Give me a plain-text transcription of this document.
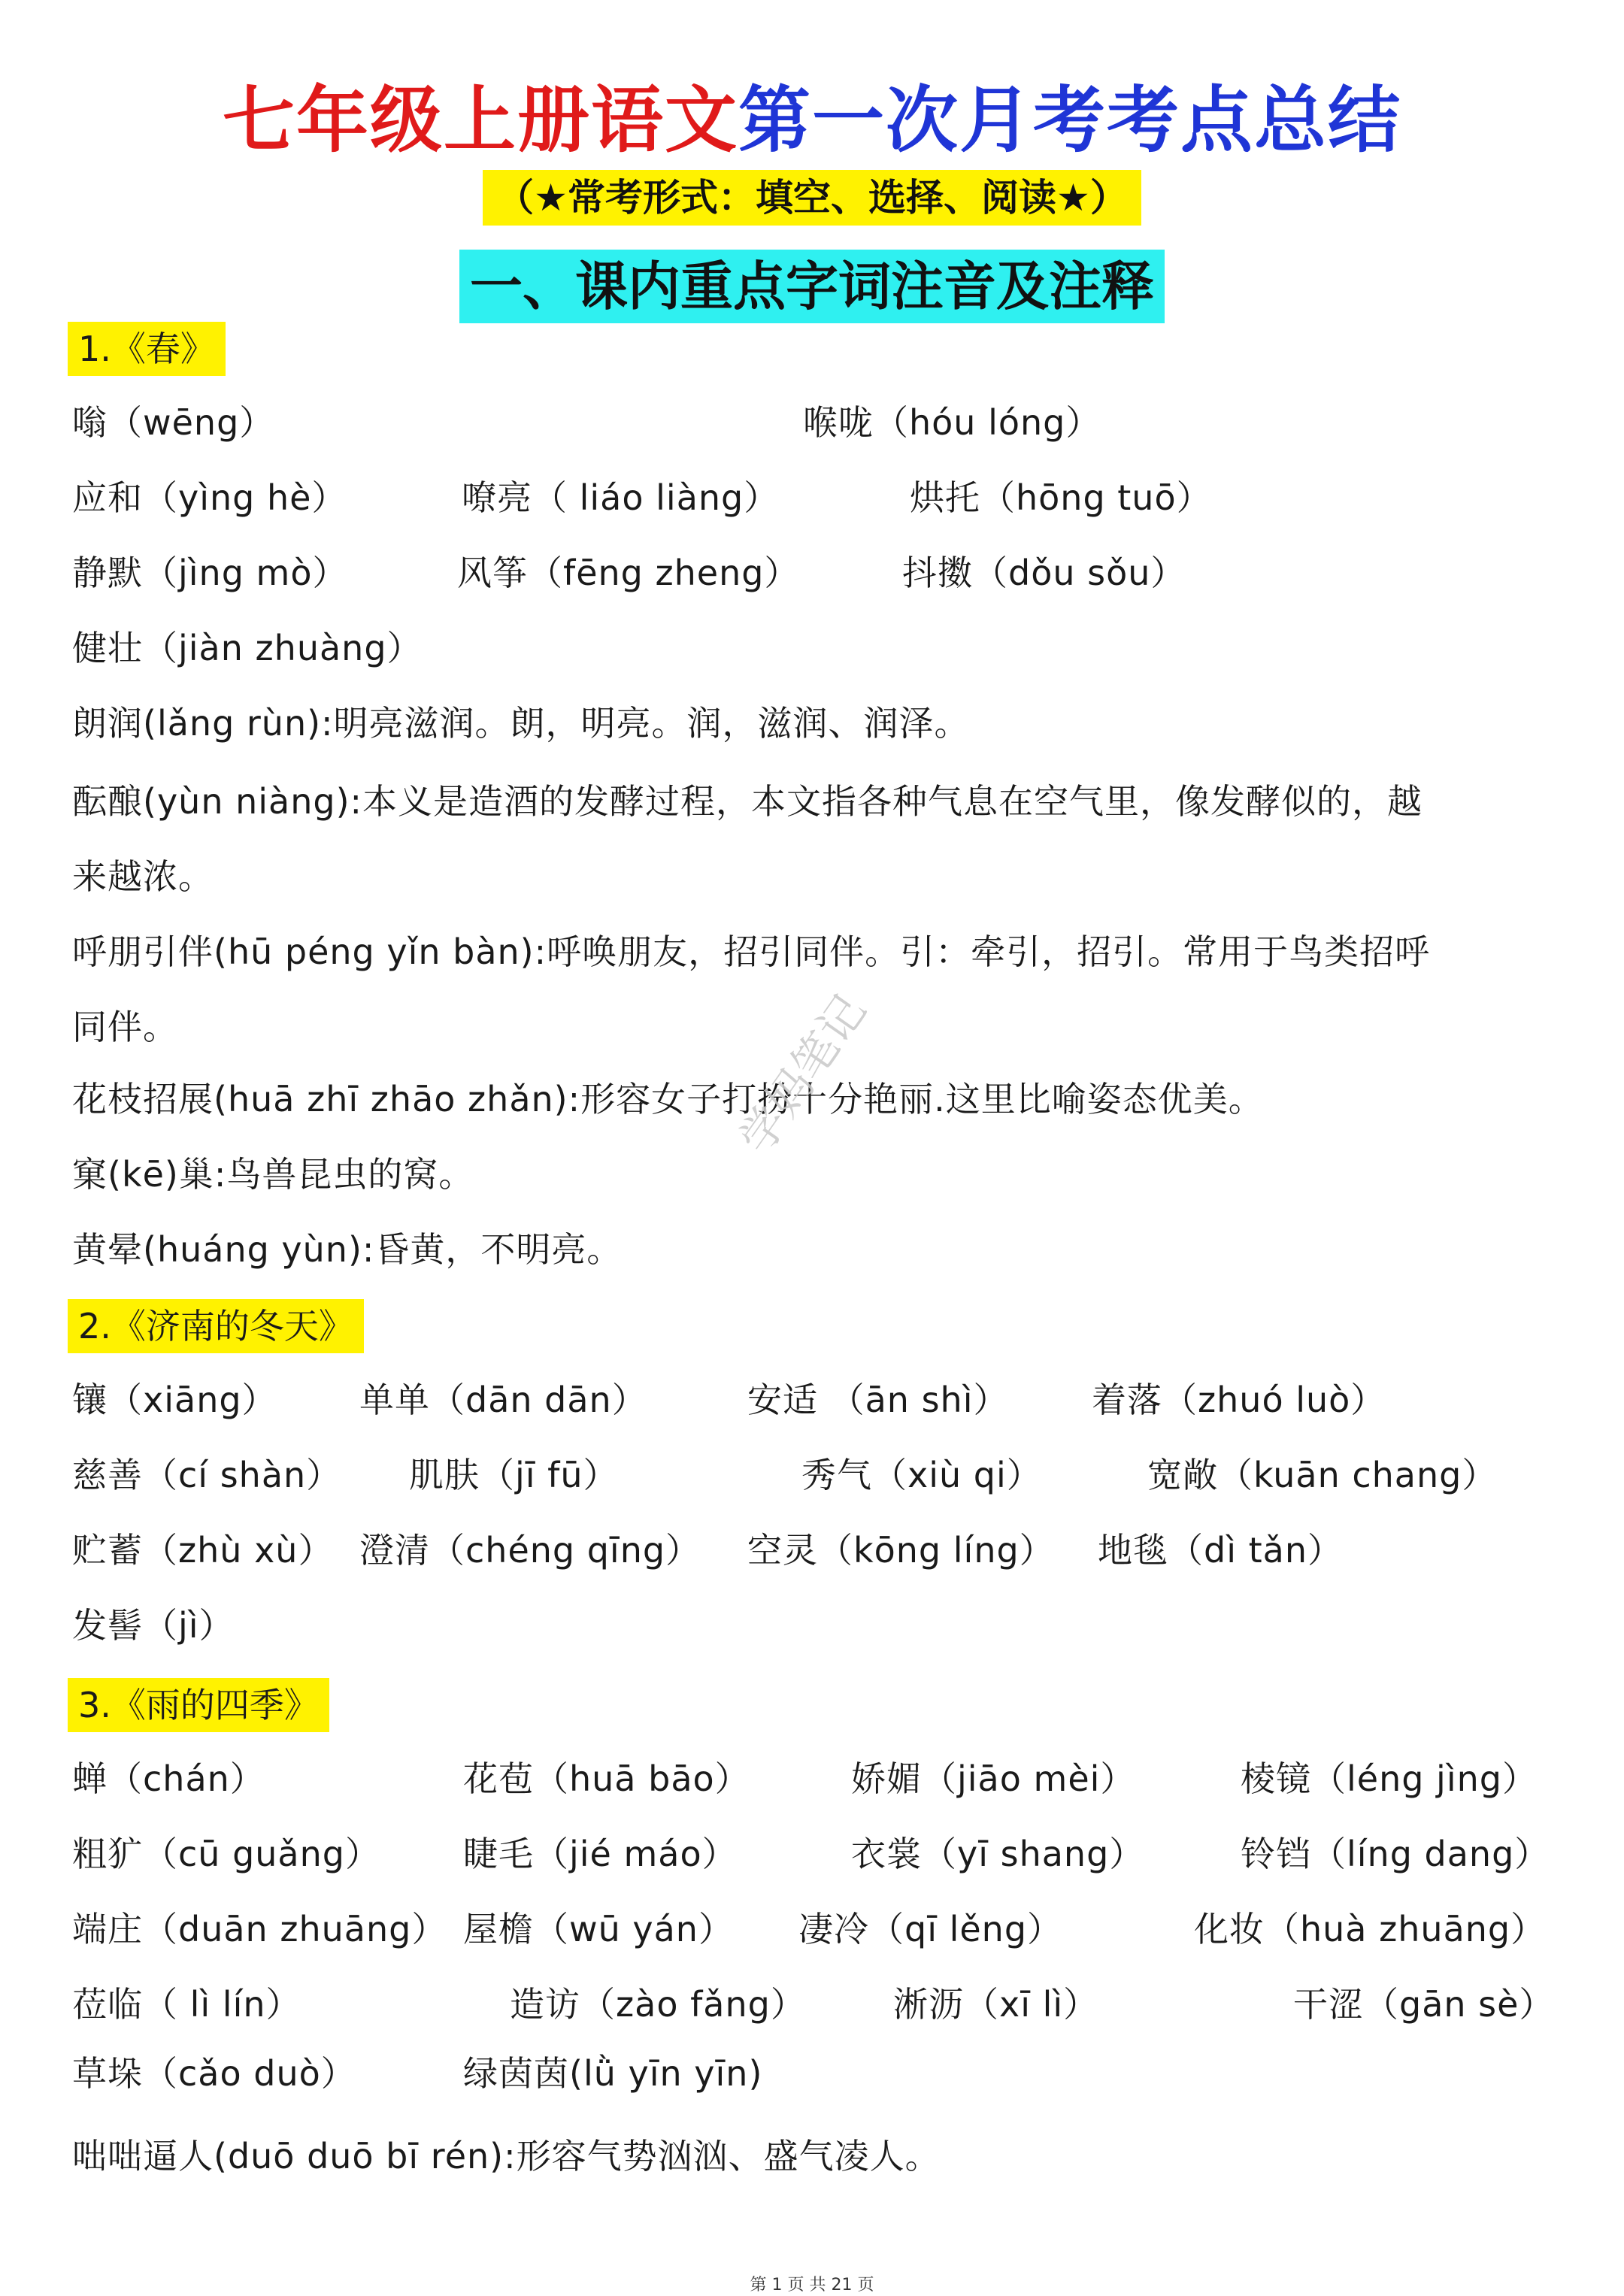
七年级上册语文第一次月考考点总结
（★常考形式：填空、选择、阅读★）
一、课内重点字词注音及注释
1.《春》
嗡（wēng）	喉咙（hóu lóng）
应和（yìng hè）	嘹亮（ liáo liàng）	烘托（hōng tuō）
静默（jìng mò）	风筝（fēng zheng）	抖擞（dǒu sǒu）
健壮（jiàn zhuàng）
朗润(lǎng rùn):明亮滋润。朗，明亮。润，滋润、润泽。
酝酿(yùn niàng):本义是造酒的发酵过程，本文指各种气息在空气里，像发酵似的，越
来越浓。
呼朋引伴(hū péng yǐn bàn):呼唤朋友，招引同伴。引：牵引，招引。常用于鸟类招呼
同伴。
花枝招展(huā zhī zhāo zhǎn):形容女子打扮十分艳丽.这里比喻姿态优美。
窠(kē)巢:鸟兽昆虫的窝。
黄晕(huáng yùn):昏黄，不明亮。
2.《济南的冬天》
镶（xiāng） 单单（dān dān）	安适 （ān shì） 着落（zhuó luò）
慈善（cí shàn） 肌肤（jī fū）	秀气（xiù qi）	宽敞（kuān chang）
贮蓄（zhù xù） 澄清（chéng qīng） 空灵（kōng líng） 地毯（dì tǎn）
发髻（jì）
3.《雨的四季》
蝉（chán）	花苞（huā bāo）	娇媚（jiāo mèi）	棱镜（léng jìng）
粗犷（cū guǎng） 睫毛（jié máo）	衣裳（yī shang）	铃铛（líng dang）
端庄（duān zhuāng） 屋檐（wū yán） 凄冷（qī lěng）	化妆（huà zhuāng）
莅临（ lì lín）	造访（zào fǎng）	淅沥（xī lì）	干涩（gān sè）
草垛（cǎo duò）	绿茵茵(lǜ yīn yīn)
咄咄逼人(duō duō bī rén):形容气势汹汹、盛气凌人。
学妈笔记
第 1 页 共 21 页
